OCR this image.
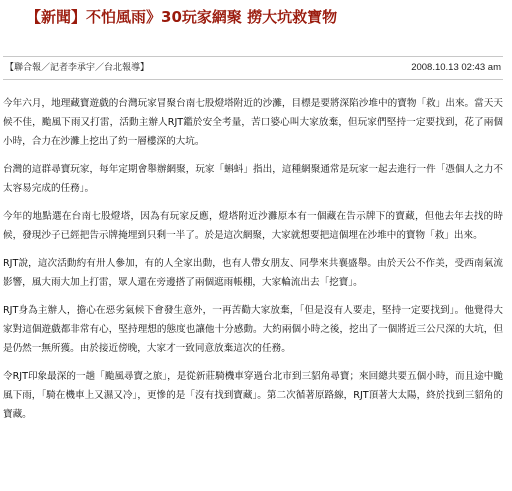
【新聞】不怕風雨》30玩家網聚 撈大坑救寶物
【聯合報／記者李承宇／台北報導】	2008.10.13 02:43 am

今年六月，地理藏寶遊戲的台灣玩家冒聚台南七股燈塔附近的沙灘，目標是要將深陷沙堆中的寶物「救」出來。當天天候不佳，颱風下雨又打雷，活動主辦人RJT鑑於安全考量，苦口婆心叫大家放棄，但玩家們堅持一定要找到，花了兩個小時，合力在沙灘上挖出了約一層樓深的大坑。

台灣的這群尋寶玩家，每年定期會舉辦網聚，玩家「蝌蚪」指出，這種網聚通常是玩家一起去進行一件「憑個人之力不太容易完成的任務」。

今年的地點選在台南七股燈塔，因為有玩家反應，燈塔附近沙灘原本有一個藏在告示牌下的寶藏，但他去年去找的時候，發現沙子已經把告示牌掩埋到只剩一半了。於是這次網聚，大家就想要把這個埋在沙堆中的寶物「救」出來。

RJT說，這次活動約有卅人參加，有的人全家出動，也有人帶女朋友、同學來共襄盛舉。由於天公不作美，受西南氣流影響，風大雨大加上打雷，眾人還在旁邊搭了兩個遮雨帳棚，大家輪流出去「挖寶」。

RJT身為主辦人，擔心在惡劣氣候下會發生意外，一再苦勸大家放棄，「但是沒有人要走，堅持一定要找到」。他覺得大家對這個遊戲都非常有心，堅持理想的態度也讓他十分感動。大約兩個小時之後，挖出了一個將近三公尺深的大坑，但是仍然一無所獲。由於接近傍晚，大家才一致同意放棄這次的任務。

令RJT印象最深的一趟「颱風尋寶之旅」，是從新莊騎機車穿過台北市到三貂角尋寶；來回總共要五個小時，而且途中颱風下雨，「騎在機車上又濕又冷」，更慘的是「沒有找到寶藏」。第二次循著原路線，RJT頂著大太陽，終於找到三貂角的寶藏。
